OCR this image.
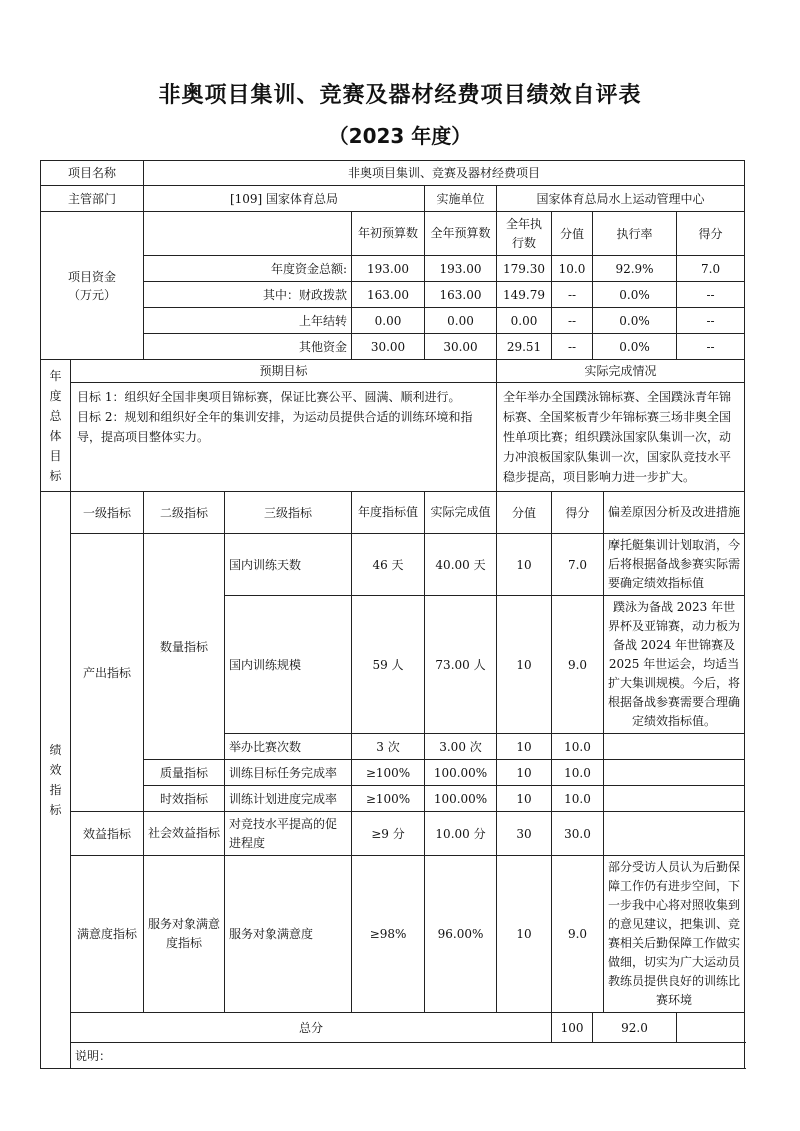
非奥项目集训、竞赛及器材经费项目绩效自评表
（2023 年度）
项目名称		非奥项目集训、竞赛及器材经费项目								
主管部门		[109] 国家体育总局			实施单位	国家体育总局水上运动管理中心				

项目资金
（万元）				年初预算数	全年预算数	全年执行数	分值	执行率		得分
		年度资金总额:		193.00	193.00	179.30	10.0	92.9%		7.0
		其中：财政拨款		163.00	163.00	149.79	--	0.0%		--
		上年结转		0.00	0.00	0.00	--	0.0%		--
		其他资金		30.00	30.00	29.51	--	0.0%		--

年度总体目标	预期目标					实际完成情况				

	目标 1：组织好全国非奥项目锦标赛，保证比赛公平、圆满、顺利进行。
目标 2：规划和组织好全年的集训安排，为运动员提供合适的训练环境和指导，提高项目整体实力。					全年举办全国蹼泳锦标赛、全国蹼泳青年锦标赛、全国桨板青少年锦标赛三场非奥全国性单项比赛；组织蹼泳国家队集训一次，动力冲浪板国家队集训一次，国家队竞技水平稳步提高，项目影响力进一步扩大。				

绩效指标	一级指标	二级指标	三级指标	年度指标值	实际完成值	分值	得分		偏差原因分析及改进措施	
	产出指标	数量指标	国内训练天数	46 天	40.00 天	10	7.0		摩托艇集训计划取消，今后将根据备战参赛实际需要确定绩效指标值	
			国内训练规模	59 人	73.00 人	10	9.0		蹼泳为备战 2023 年世界杯及亚锦赛，动力板为备战 2024 年世锦赛及 2025 年世运会，均适当扩大集训规模。今后，将根据备战参赛需要合理确定绩效指标值。	
			举办比赛次数	3 次	3.00 次	10	10.0			
		质量指标	训练目标任务完成率	≥100%	100.00%	10	10.0			
		时效指标	训练计划进度完成率	≥100%	100.00%	10	10.0			
	效益指标	社会效益指标	对竞技水平提高的促进程度	≥9 分	10.00 分	30	30.0			
	满意度指标	服务对象满意度指标	服务对象满意度	≥98%	96.00%	10	9.0		部分受访人员认为后勤保障工作仍有进步空间，下一步我中心将对照收集到的意见建议，把集训、竞赛相关后勤保障工作做实做细，切实为广大运动员教练员提供良好的训练比赛环境	
	总分						100	92.0		
	说明：									
